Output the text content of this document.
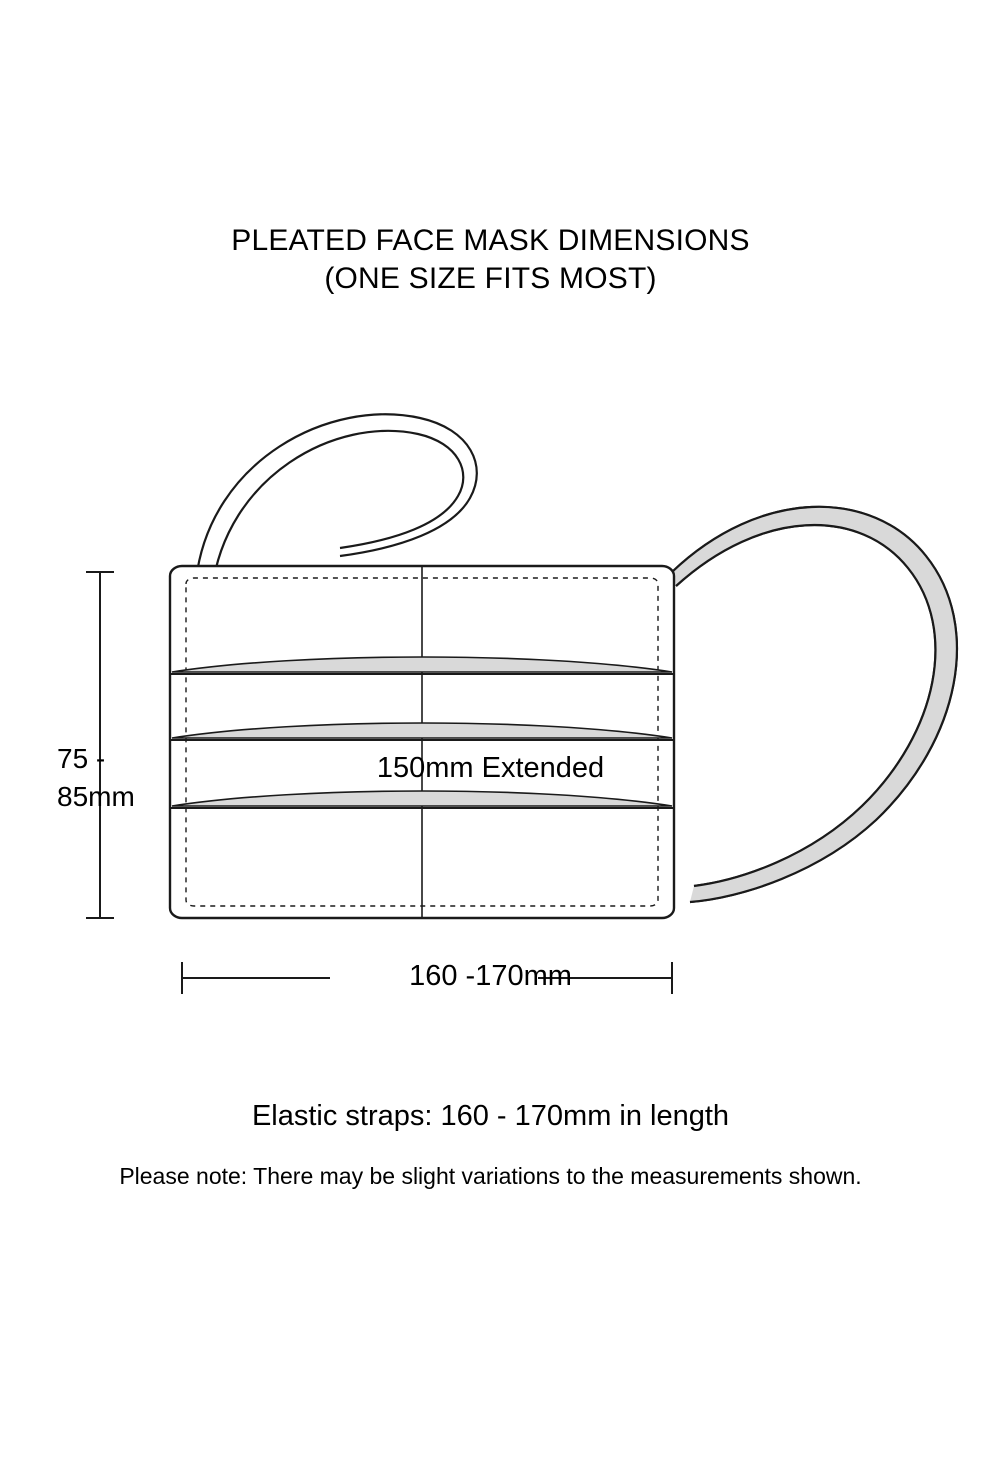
PLEATED FACE MASK DIMENSIONS
(ONE SIZE FITS MOST)
75 -
85mm
150mm Extended
160 -170mm
Elastic straps: 160 - 170mm in length
Please note: There may be slight variations to the measurements shown.
